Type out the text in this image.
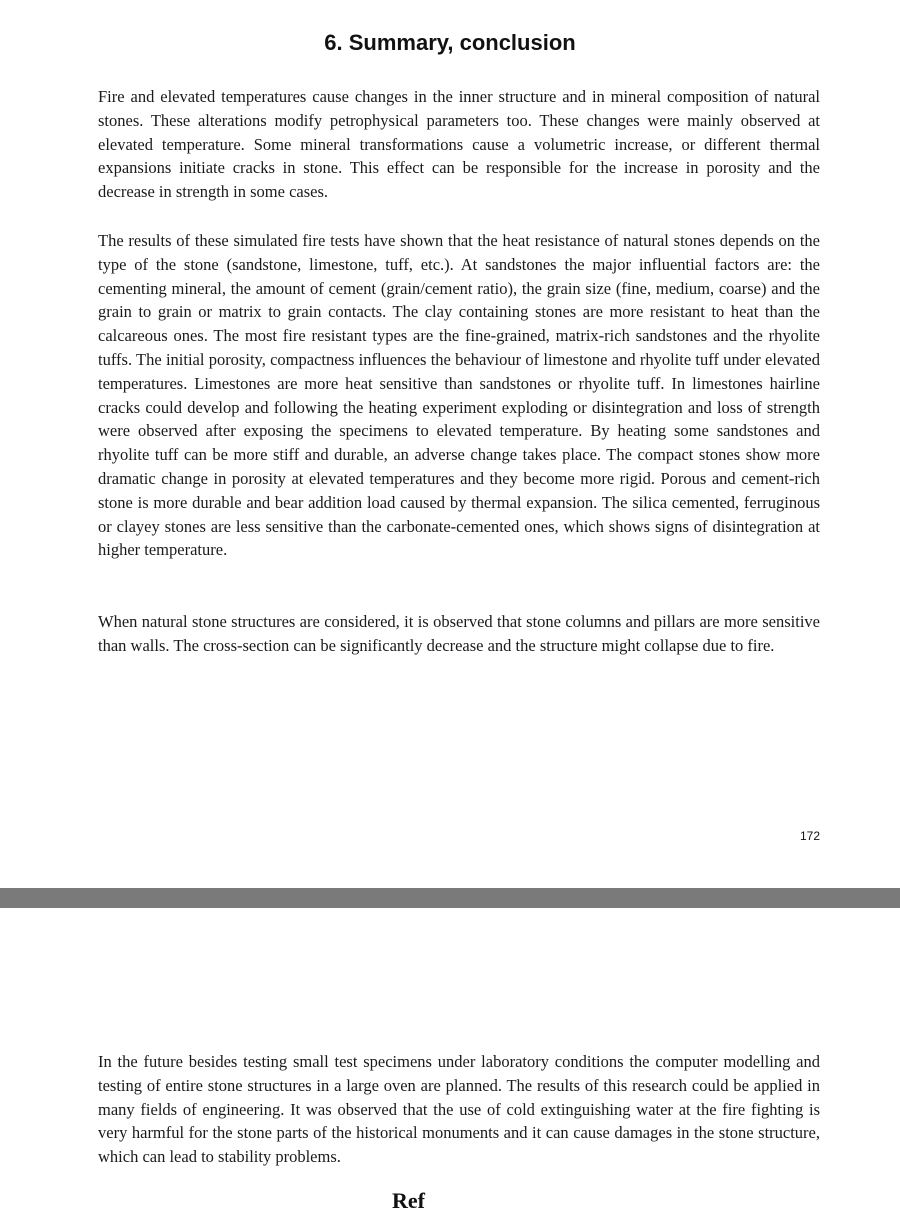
6. Summary, conclusion

Fire and elevated temperatures cause changes in the inner structure and in mineral composition of natural stones. These alterations modify petrophysical parameters too. These changes were mainly observed at elevated temperature. Some mineral transformations cause a volumetric increase, or different thermal expansions initiate cracks in stone. This effect can be responsible for the increase in porosity and the decrease in strength in some cases.

The results of these simulated fire tests have shown that the heat resistance of natural stones depends on the type of the stone (sandstone, limestone, tuff, etc.). At sandstones the major influential factors are: the cementing mineral, the amount of cement (grain/cement ratio), the grain size (fine, medium, coarse) and the grain to grain or matrix to grain contacts. The clay containing stones are more resistant to heat than the calcareous ones. The most fire resistant types are the fine-grained, matrix-rich sandstones and the rhyolite tuffs. The initial porosity, compactness influences the behaviour of limestone and rhyolite tuff under elevated temperatures. Limestones are more heat sensitive than sandstones or rhyolite tuff. In limestones hairline cracks could develop and following the heating experiment exploding or disintegration and loss of strength were observed after exposing the specimens to elevated temperature. By heating some sandstones and rhyolite tuff can be more stiff and durable, an adverse change takes place. The compact stones show more dramatic change in porosity at elevated temperatures and they become more rigid. Porous and cement-rich stone is more durable and bear addition load caused by thermal expansion. The silica cemented, ferruginous or clayey stones are less sensitive than the carbonate-cemented ones, which shows signs of disintegration at higher temperature.

When natural stone structures are considered, it is observed that stone columns and pillars are more sensitive than walls. The cross-section can be significantly decrease and the structure might collapse due to fire.

172

In the future besides testing small test specimens under laboratory conditions the computer modelling and testing of entire stone structures in a large oven are planned. The results of this research could be applied in many fields of engineering. It was observed that the use of cold extinguishing water at the fire fighting is very harmful for the stone parts of the historical monuments and it can cause damages in the stone structure, which can lead to stability problems.

Ref
